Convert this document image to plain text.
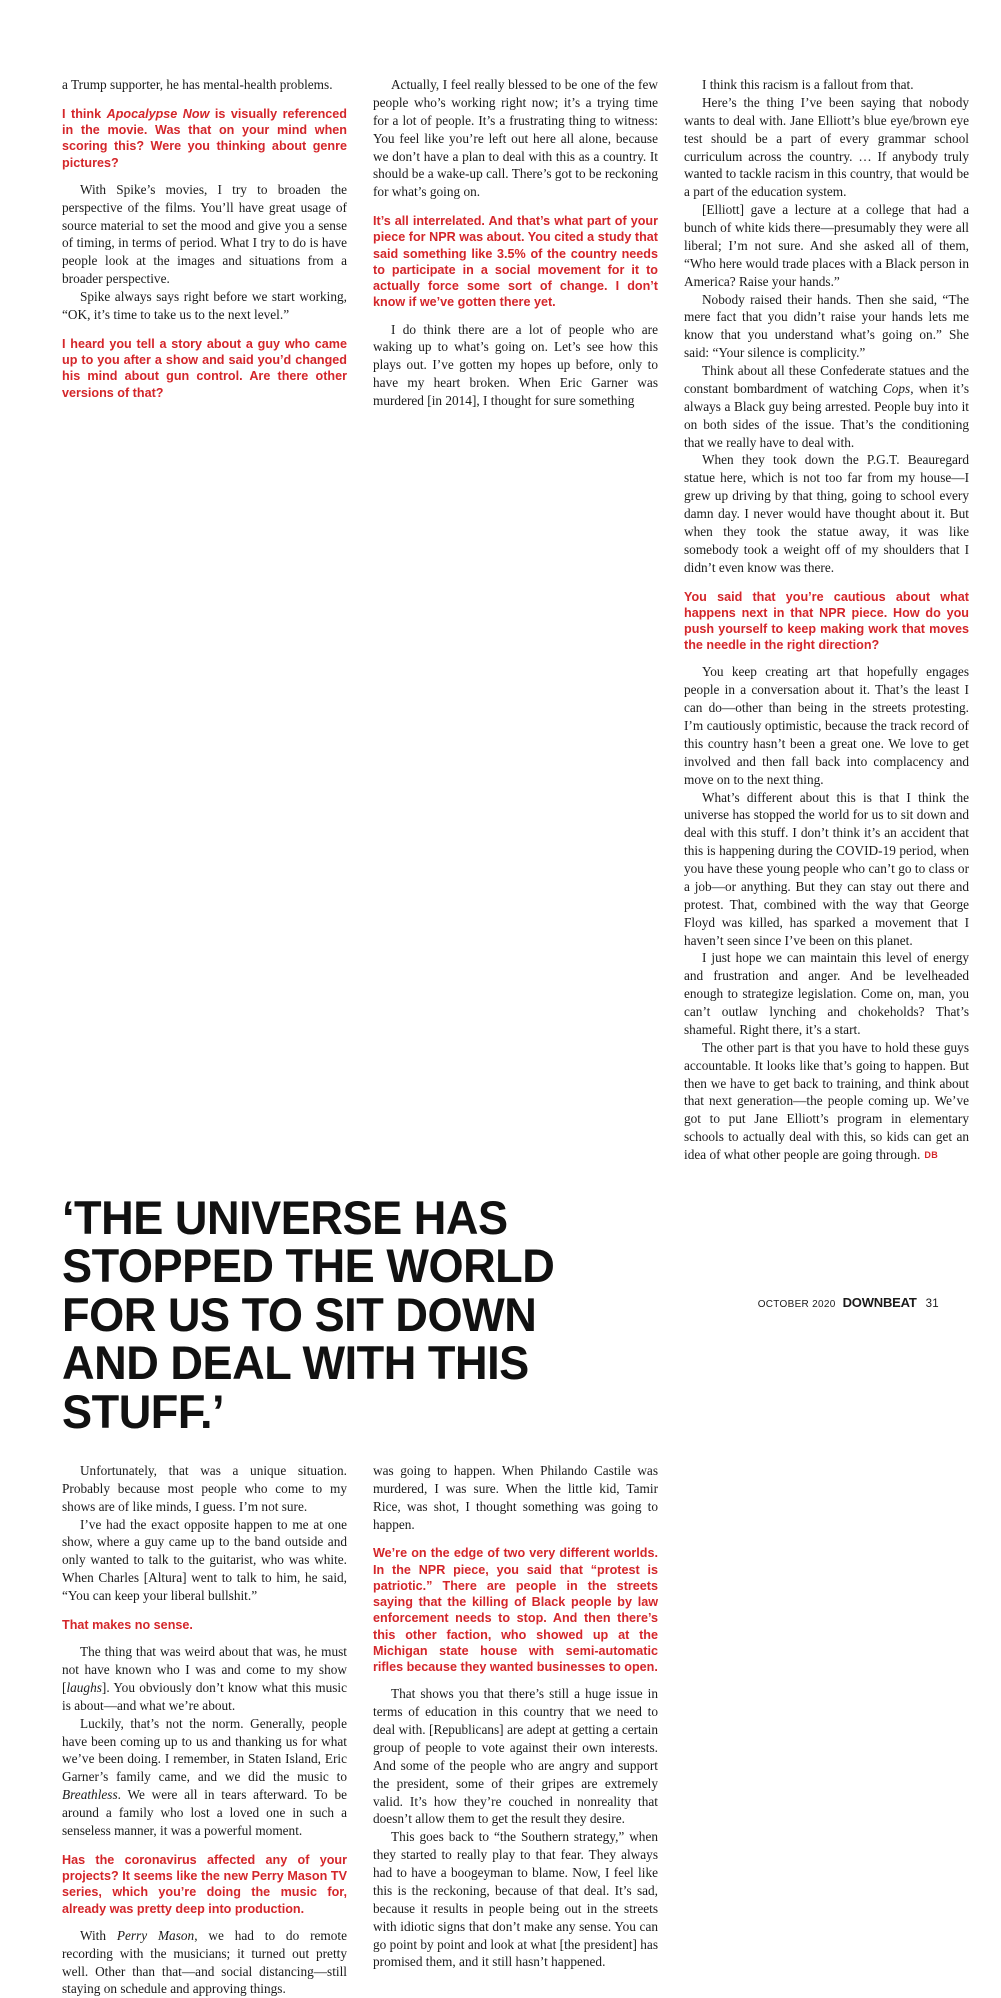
a Trump supporter, he has mental-health problems.

I think Apocalypse Now is visually referenced in the movie. Was that on your mind when scoring this? Were you thinking about genre pictures?

With Spike’s movies, I try to broaden the perspective of the films. You’ll have great usage of source material to set the mood and give you a sense of timing, in terms of period. What I try to do is have people look at the images and situations from a broader perspective.

Spike always says right before we start working, “OK, it’s time to take us to the next level.”

I heard you tell a story about a guy who came up to you after a show and said you’d changed his mind about gun control. Are there other versions of that?

Actually, I feel really blessed to be one of the few people who’s working right now; it’s a trying time for a lot of people. It’s a frustrating thing to witness: You feel like you’re left out here all alone, because we don’t have a plan to deal with this as a country. It should be a wake-up call. There’s got to be reckoning for what’s going on.

It’s all interrelated. And that’s what part of your piece for NPR was about. You cited a study that said something like 3.5% of the country needs to participate in a social movement for it to actually force some sort of change. I don’t know if we’ve gotten there yet.

I do think there are a lot of people who are waking up to what’s going on. Let’s see how this plays out. I’ve gotten my hopes up before, only to have my heart broken. When Eric Garner was murdered [in 2014], I thought for sure something

I think this racism is a fallout from that.

Here’s the thing I’ve been saying that nobody wants to deal with. Jane Elliott’s blue eye/brown eye test should be a part of every grammar school curriculum across the country. … If anybody truly wanted to tackle racism in this country, that would be a part of the education system.

[Elliott] gave a lecture at a college that had a bunch of white kids there—presumably they were all liberal; I’m not sure. And she asked all of them, “Who here would trade places with a Black person in America? Raise your hands.”

Nobody raised their hands. Then she said, “The mere fact that you didn’t raise your hands lets me know that you understand what’s going on.” She said: “Your silence is complicity.”

Think about all these Confederate statues and the constant bombardment of watching Cops, when it’s always a Black guy being arrested. People buy into it on both sides of the issue. That’s the conditioning that we really have to deal with.

When they took down the P.G.T. Beauregard statue here, which is not too far from my house—I grew up driving by that thing, going to school every damn day. I never would have thought about it. But when they took the statue away, it was like somebody took a weight off of my shoulders that I didn’t even know was there.

You said that you’re cautious about what happens next in that NPR piece. How do you push yourself to keep making work that moves the needle in the right direction?

You keep creating art that hopefully engages people in a conversation about it. That’s the least I can do—other than being in the streets protesting. I’m cautiously optimistic, because the track record of this country hasn’t been a great one. We love to get involved and then fall back into complacency and move on to the next thing.

What’s different about this is that I think the universe has stopped the world for us to sit down and deal with this stuff. I don’t think it’s an accident that this is happening during the COVID-19 period, when you have these young people who can’t go to class or a job—or anything. But they can stay out there and protest. That, combined with the way that George Floyd was killed, has sparked a movement that I haven’t seen since I’ve been on this planet.

I just hope we can maintain this level of energy and frustration and anger. And be levelheaded enough to strategize legislation. Come on, man, you can’t outlaw lynching and chokeholds? That’s shameful. Right there, it’s a start.

The other part is that you have to hold these guys accountable. It looks like that’s going to happen. But then we have to get back to training, and think about that next generation—the people coming up. We’ve got to put Jane Elliott’s program in elementary schools to actually deal with this, so kids can get an idea of what other people are going through. DB

‘THE UNIVERSE HAS STOPPED THE WORLD FOR US TO SIT DOWN AND DEAL WITH THIS STUFF.’

Unfortunately, that was a unique situation. Probably because most people who come to my shows are of like minds, I guess. I’m not sure.

I’ve had the exact opposite happen to me at one show, where a guy came up to the band outside and only wanted to talk to the guitarist, who was white. When Charles [Altura] went to talk to him, he said, “You can keep your liberal bullshit.”

That makes no sense.

The thing that was weird about that was, he must not have known who I was and come to my show [laughs]. You obviously don’t know what this music is about—and what we’re about.

Luckily, that’s not the norm. Generally, people have been coming up to us and thanking us for what we’ve been doing. I remember, in Staten Island, Eric Garner’s family came, and we did the music to Breathless. We were all in tears afterward. To be around a family who lost a loved one in such a senseless manner, it was a powerful moment.

Has the coronavirus affected any of your projects? It seems like the new Perry Mason TV series, which you’re doing the music for, already was pretty deep into production.

With Perry Mason, we had to do remote recording with the musicians; it turned out pretty well. Other than that—and social distancing—still staying on schedule and approving things.

was going to happen. When Philando Castile was murdered, I was sure. When the little kid, Tamir Rice, was shot, I thought something was going to happen.

We’re on the edge of two very different worlds. In the NPR piece, you said that “protest is patriotic.” There are people in the streets saying that the killing of Black people by law enforcement needs to stop. And then there’s this other faction, who showed up at the Michigan state house with semi-automatic rifles because they wanted businesses to open.

That shows you that there’s still a huge issue in terms of education in this country that we need to deal with. [Republicans] are adept at getting a certain group of people to vote against their own interests. And some of the people who are angry and support the president, some of their gripes are extremely valid. It’s how they’re couched in nonreality that doesn’t allow them to get the result they desire.

This goes back to “the Southern strategy,” when they started to really play to that fear. They always had to have a boogeyman to blame. Now, I feel like this is the reckoning, because of that deal. It’s sad, because it results in people being out in the streets with idiotic signs that don’t make any sense. You can go point by point and look at what [the president] has promised them, and it still hasn’t happened.

OCTOBER 2020 DOWNBEAT 31
